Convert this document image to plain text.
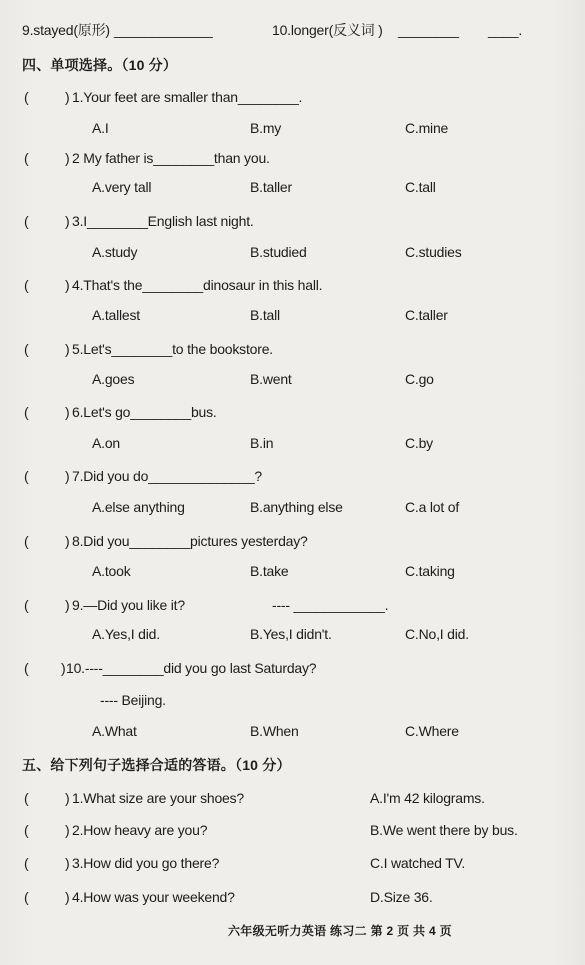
9.stayed(原形) _____________	10.longer(反义词 ) ________ ____.
四、单项选择。（10 分）
(	) 1.Your feet are smaller than________.
A.I	B.my	C.mine
(	) 2 My father is________than you.
A.very tall	B.taller	C.tall
(	) 3.I________English last night.
A.study	B.studied	C.studies
(	) 4.That's the________dinosaur in this hall.
A.tallest	B.tall	C.taller
(	) 5.Let's________to the bookstore.
A.goes	B.went	C.go
(	) 6.Let's go________bus.
A.on	B.in	C.by
(	) 7.Did you do______________?
A.else anything	B.anything else	C.a lot of
(	) 8.Did you________pictures yesterday?
A.took	B.take	C.taking
(	) 9.—Did you like it?	---- ____________.
A.Yes,I did.	B.Yes,I didn't.	C.No,I did.
( ) 10.----________did you go last Saturday?
---- Beijing.
A.What	B.When	C.Where
五、给下列句子选择合适的答语。（10 分）
(	) 1.What size are your shoes?	A.I'm 42 kilograms.
(	) 2.How heavy are you?	B.We went there by bus.
(	) 3.How did you go there?	C.I watched TV.
(	) 4.How was your weekend?	D.Size 36.
六年级无听力英语 练习二 第 2 页 共 4 页
